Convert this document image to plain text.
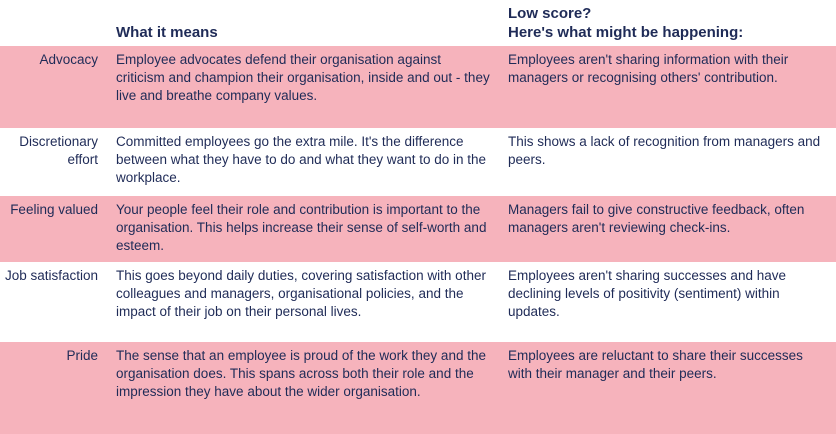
What it means
Low score?
Here's what might be happening:
Advocacy Employee advocates defend their organisation against criticism and champion their organisation, inside and out - they live and breathe company values.
Employees aren't sharing information with their managers or recognising others' contribution.
Discretionary effort
Committed employees go the extra mile. It's the difference between what they have to do and what they want to do in the workplace.
This shows a lack of recognition from managers and peers.
Feeling valued Your people feel their role and contribution is important to the organisation. This helps increase their sense of self-worth and esteem.
Managers fail to give constructive feedback, often managers aren't reviewing check-ins.
Job satisfaction This goes beyond daily duties, covering satisfaction with other colleagues and managers, organisational policies, and the impact of their job on their personal lives.
Employees aren't sharing successes and have declining levels of positivity (sentiment) within updates.
Pride The sense that an employee is proud of the work they and the organisation does. This spans across both their role and the impression they have about the wider organisation.
Employees are reluctant to share their successes with their manager and their peers.
